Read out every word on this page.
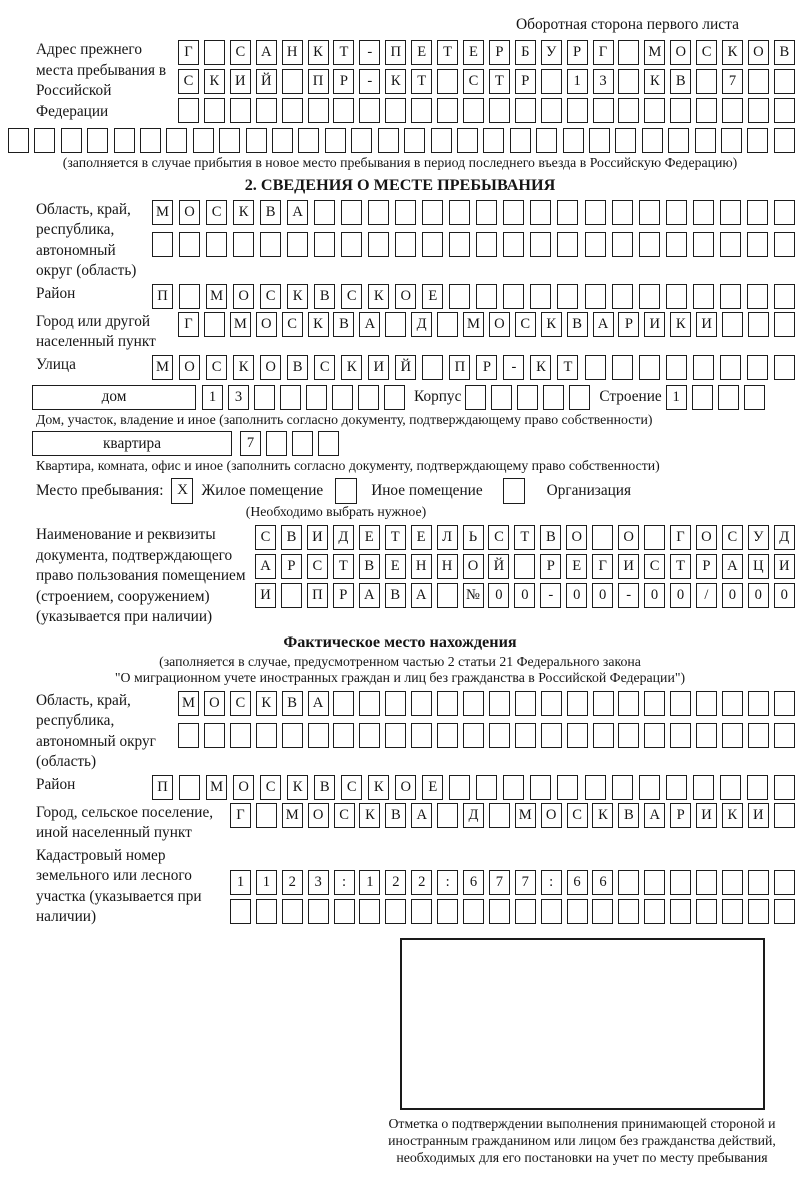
Оборотная сторона первого листа
Адрес прежнего места пребывания в Российской Федерации
Г	С	А	Н	К	Т	-	П	Е	Т	Е	Р	Б	У	Р	Г	М О	С	К	О	В
С	К	И	Й	П	Р	-	К	Т	С	Т	Р	1	3	К	В	7
(заполняется в случае прибытия в новое место пребывания в период последнего въезда в Российскую Федерацию)
2. СВЕДЕНИЯ О МЕСТЕ ПРЕБЫВАНИЯ
Область, край, республика, автономный округ (область)
М	О	С	К	В	А
Район	П	М	О	С	К	В	С	К	О	Е
Город или другой населенный пункт
Г	М О	С	К	В	А	Д	М О	С	К	В	А	Р	И	К	И
Улица	М	О	С	К	О	В	С	К	И	Й	П	Р	-	К	Т
дом	1	3	Корпус	Строение 1
Дом, участок, владение и иное (заполнить согласно документу, подтверждающему право собственности)
квартира	7
Квартира, комната, офис и иное (заполнить согласно документу, подтверждающему право собственности)
Место пребывания: X Жилое помещение	Иное помещение	Организация
(Необходимо выбрать нужное)
Наименование и реквизиты документа, подтверждающего право пользования помещением (строением, сооружением) (указывается при наличии)
С	В	И	Д	Е	Т	Е	Л	Ь	С	Т	В	О	О	Г	О	С	У	Д
А	Р	С	Т	В	Е	Н	Н	О	Й	Р	Е	Г	И	С	Т	Р	А	Ц	И
И	П	Р	А	В	А	№	0	0	-	0	0	-	0	0	/	0	0	0
Фактическое место нахождения
(заполняется в случае, предусмотренном частью 2 статьи 21 Федерального закона
"О миграционном учете иностранных граждан и лиц без гражданства в Российской Федерации")
Область, край, республика, автономный округ (область)
М О	С	К	В	А
Район	П	М	О	С	К	В	С	К	О	Е
Город, сельское поселение, иной населенный пункт
Г	М О	С	К	В	А	Д	М О	С	К	В	А	Р	И	К	И
Кадастровый номер земельного или лесного участка (указывается при наличии)
1	1	2	3	:	1	2	2	:	6	7	7	:	6	6
Отметка о подтверждении выполнения принимающей стороной и иностранным гражданином или лицом без гражданства действий, необходимых для его постановки на учет по месту пребывания
